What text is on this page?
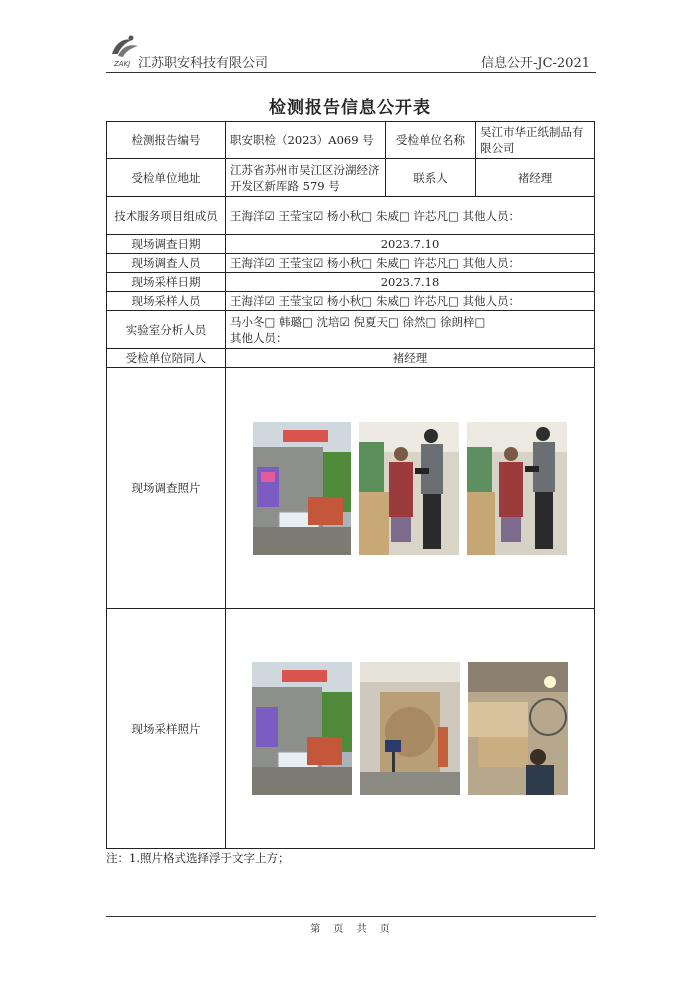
ZAKJ 江苏职安科技有限公司	信息公开-JC-2021
检测报告信息公开表
检测报告编号	职安职检（2023）A069 号	受检单位名称	吴江市华正纸制品有限公司
受检单位地址	江苏省苏州市吴江区汾湖经济开发区新厍路 579 号	联系人	褚经理
技术服务项目组成员	王海洋☑ 王莹宝☑ 杨小秋□ 朱威□ 许芯凡□ 其他人员：		
现场调查日期	2023.7.10		
现场调查人员	王海洋☑ 王莹宝☑ 杨小秋□ 朱威□ 许芯凡□ 其他人员：		
现场采样日期	2023.7.18		
现场采样人员	王海洋☑ 王莹宝☑ 杨小秋□ 朱威□ 许芯凡□ 其他人员：		
实验室分析人员	马小冬□ 韩璐□ 沈培☑ 倪夏天□ 徐然□ 徐朗梓□
其他人员：		

受检单位陪同人	褚经理		
现场调查照片	

现场采样照片	
注：1.照片格式选择浮于文字上方；
第 页 共 页
